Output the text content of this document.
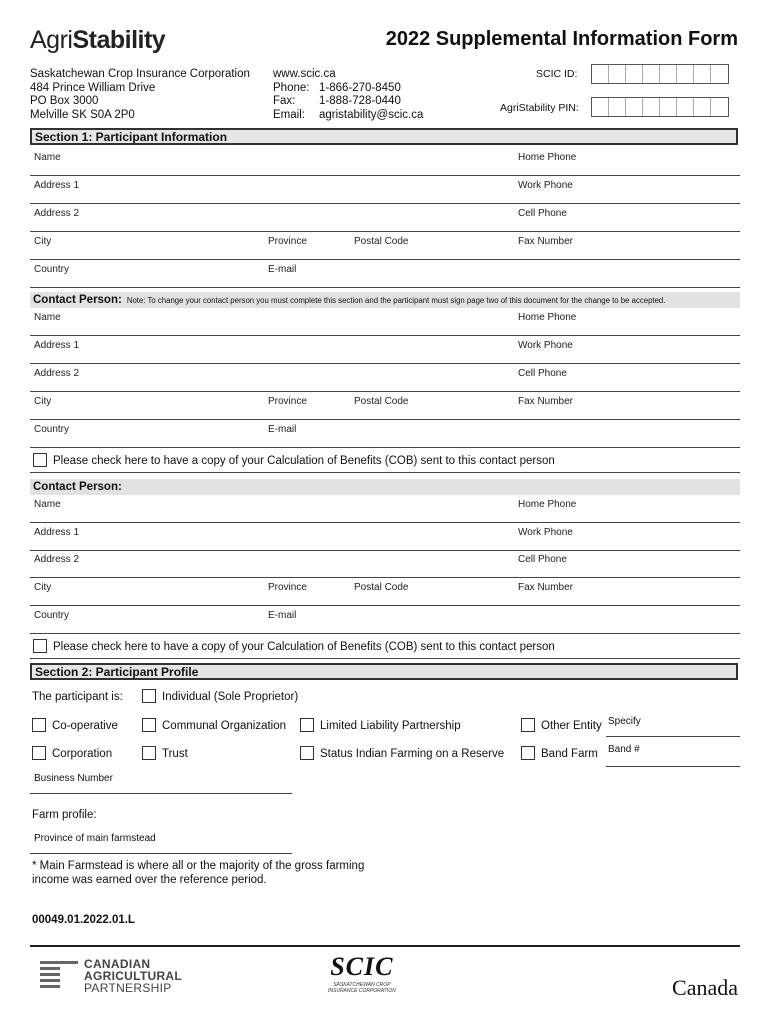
AgriStability	2022 Supplemental Information Form
Saskatchewan Crop Insurance Corporation
484 Prince William Drive
PO Box 3000
Melville SK S0A 2P0
www.scic.ca
Phone: 1-866-270-8450
Fax:	1-888-728-0440
Email:	agristability@scic.ca
SCIC ID:
AgriStability PIN:
Section 1: Participant Information
Name	Home Phone
Address 1	Work Phone
Address 2	Cell Phone
City	Province	Postal Code	Fax Number
Country	E-mail
Contact Person: Note: To change your contact person you must complete this section and the participant must sign page two of this document for the change to be accepted.
Name	Home Phone
Address 1	Work Phone
Address 2	Cell Phone
City	Province	Postal Code	Fax Number
Country	E-mail
Please check here to have a copy of your Calculation of Benefits (COB) sent to this contact person
Contact Person:
Name	Home Phone
Address 1	Work Phone
Address 2	Cell Phone
City	Province	Postal Code	Fax Number
Country	E-mail
Please check here to have a copy of your Calculation of Benefits (COB) sent to this contact person
Section 2: Participant Profile
The participant is:	Individual (Sole Proprietor)
Co-operative	Communal Organization	Limited Liability Partnership	Other Entity Specify
Corporation	Trust	Status Indian Farming on a Reserve	Band Farm Band #
Business Number
Farm profile:
Province of main farmstead
* Main Farmstead is where all or the majority of the gross farming
income was earned over the reference period.
00049.01.2022.01.L
CANADIAN
AGRICULTURAL
PARTNERSHIP
SCIC
SASKATCHEWAN CROP
INSURANCE CORPORATION	Canada
